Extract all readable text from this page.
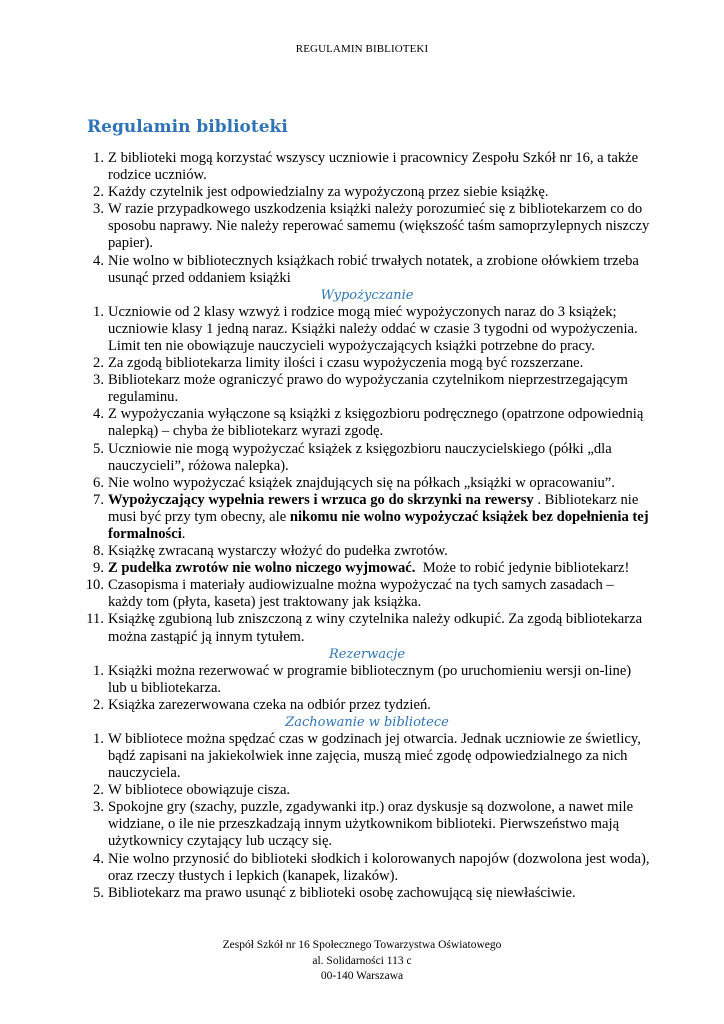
REGULAMIN BIBLIOTEKI
Regulamin biblioteki
1. Z biblioteki mogą korzystać wszyscy uczniowie i pracownicy Zespołu Szkół nr 16, a także rodzice uczniów.
2. Każdy czytelnik jest odpowiedzialny za wypożyczoną przez siebie książkę.
3. W razie przypadkowego uszkodzenia książki należy porozumieć się z bibliotekarzem co do sposobu naprawy. Nie należy reperować samemu (większość taśm samoprzylepnych niszczy papier).
4. Nie wolno w bibliotecznych książkach robić trwałych notatek, a zrobione ołówkiem trzeba usunąć przed oddaniem książki
Wypożyczanie
1. Uczniowie od 2 klasy wzwyż i rodzice mogą mieć wypożyczonych naraz do 3 książek; uczniowie klasy 1 jedną naraz. Książki należy oddać w czasie 3 tygodni od wypożyczenia. Limit ten nie obowiązuje nauczycieli wypożyczających książki potrzebne do pracy.
2. Za zgodą bibliotekarza limity ilości i czasu wypożyczenia mogą być rozszerzane.
3. Bibliotekarz może ograniczyć prawo do wypożyczania czytelnikom nieprzestrzegającym regulaminu.
4. Z wypożyczania wyłączone są książki z księgozbioru podręcznego (opatrzone odpowiednią nalepką) – chyba że bibliotekarz wyrazi zgodę.
5. Uczniowie nie mogą wypożyczać książek z księgozbioru nauczycielskiego (półki „dla nauczycieli”, różowa nalepka).
6. Nie wolno wypożyczać książek znajdujących się na półkach „książki w opracowaniu”.
7. Wypożyczający wypełnia rewers i wrzuca go do skrzynki na rewersy . Bibliotekarz nie musi być przy tym obecny, ale nikomu nie wolno wypożyczać książek bez dopełnienia tej formalności.
8. Książkę zwracaną wystarczy włożyć do pudełka zwrotów.
9. Z pudełka zwrotów nie wolno niczego wyjmować.  Może to robić jedynie bibliotekarz!
10. Czasopisma i materiały audiowizualne można wypożyczać na tych samych zasadach – każdy tom (płyta, kaseta) jest traktowany jak książka.
11. Książkę zgubioną lub zniszczoną z winy czytelnika należy odkupić. Za zgodą bibliotekarza można zastąpić ją innym tytułem.
Rezerwacje
1. Książki można rezerwować w programie bibliotecznym (po uruchomieniu wersji on-line) lub u bibliotekarza.
2. Książka zarezerwowana czeka na odbiór przez tydzień.
Zachowanie w bibliotece
1. W bibliotece można spędzać czas w godzinach jej otwarcia. Jednak uczniowie ze świetlicy, bądź zapisani na jakiekolwiek inne zajęcia, muszą mieć zgodę odpowiedzialnego za nich nauczyciela.
2. W bibliotece obowiązuje cisza.
3. Spokojne gry (szachy, puzzle, zgadywanki itp.) oraz dyskusje są dozwolone, a nawet mile widziane, o ile nie przeszkadzają innym użytkownikom biblioteki. Pierwszeństwo mają użytkownicy czytający lub uczący się.
4. Nie wolno przynosić do biblioteki słodkich i kolorowanych napojów (dozwolona jest woda), oraz rzeczy tłustych i lepkich (kanapek, lizaków).
5. Bibliotekarz ma prawo usunąć z biblioteki osobę zachowującą się niewłaściwie.
Zespół Szkół nr 16 Społecznego Towarzystwa Oświatowego
al. Solidarności 113 c
00-140 Warszawa
